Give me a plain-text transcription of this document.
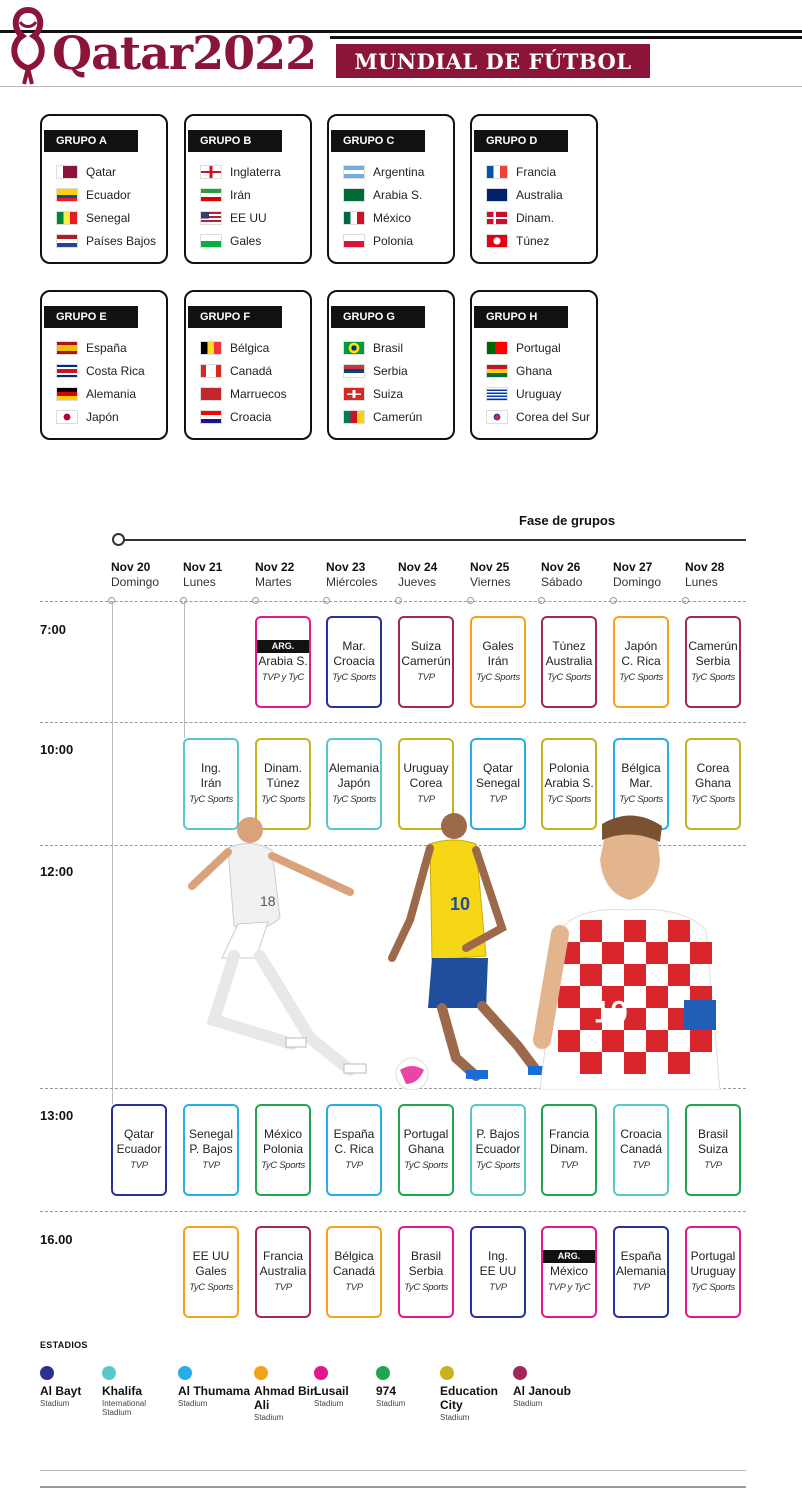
Qatar2022	MUNDIAL DE FÚTBOL
GRUPO A
Qatar
Ecuador
Senegal
Países Bajos
GRUPO B
Inglaterra
Irán
EE UU
Gales
GRUPO C
Argentina
Arabia S.
México
Polonia
GRUPO D
Francia
Australia
Dinam.
Túnez
GRUPO E
España
Costa Rica
Alemania
Japón
GRUPO F
Bélgica
Canadá
Marruecos
Croacia
GRUPO G
Brasil
Serbia
Suiza
Camerún
GRUPO H
Portugal
Ghana
Uruguay
Corea del Sur
Fase de grupos
Nov 20
Domingo
Nov 21
Lunes
Nov 22
Martes
Nov 23
Miércoles
Nov 24
Jueves
Nov 25
Viernes
Nov 26
Sábado
Nov 27
Domingo
Nov 28
Lunes
7:00
10:00
12:00
13:00
16.00
ARG.
Arabia S.
TVP y TyC
Mar.
Croacia
TyC Sports
Suiza
Camerún
TVP
Gales
Irán
TyC Sports
Túnez
Australia
TyC Sports
Japón
C. Rica
TyC Sports
Camerún
Serbia
TyC Sports
Ing.
Irán
TyC Sports
Dinam.
Túnez
TyC Sports
Alemania
Japón
TyC Sports
Uruguay
Corea
TVP
Qatar
Senegal
TVP
Polonia
Arabia S.
TyC Sports
Bélgica
Mar.
TyC Sports
Corea
Ghana
TyC Sports
Qatar
Ecuador
TVP
Senegal
P. Bajos
TVP
México
Polonia
TyC Sports
España
C. Rica
TVP
Portugal
Ghana
TyC Sports
P. Bajos
Ecuador
TyC Sports
Francia
Dinam.
TVP
Croacia
Canadá
TVP
Brasil
Suiza
TVP
EE UU
Gales
TyC Sports
Francia
Australia
TVP
Bélgica
Canadá
TVP
Brasil
Serbia
TyC Sports
Ing.
EE UU
TVP
ARG.
México
TVP y TyC
España
Alemania
TVP
Portugal
Uruguay
TyC Sports
18	10
10
ESTADIOS
Al Bayt
Stadium
Khalifa
International Stadium
Al Thumama
Stadium
Ahmad Bin Ali
Stadium
Lusail
Stadium
974
Stadium
Education City
Stadium
Al Janoub
Stadium
